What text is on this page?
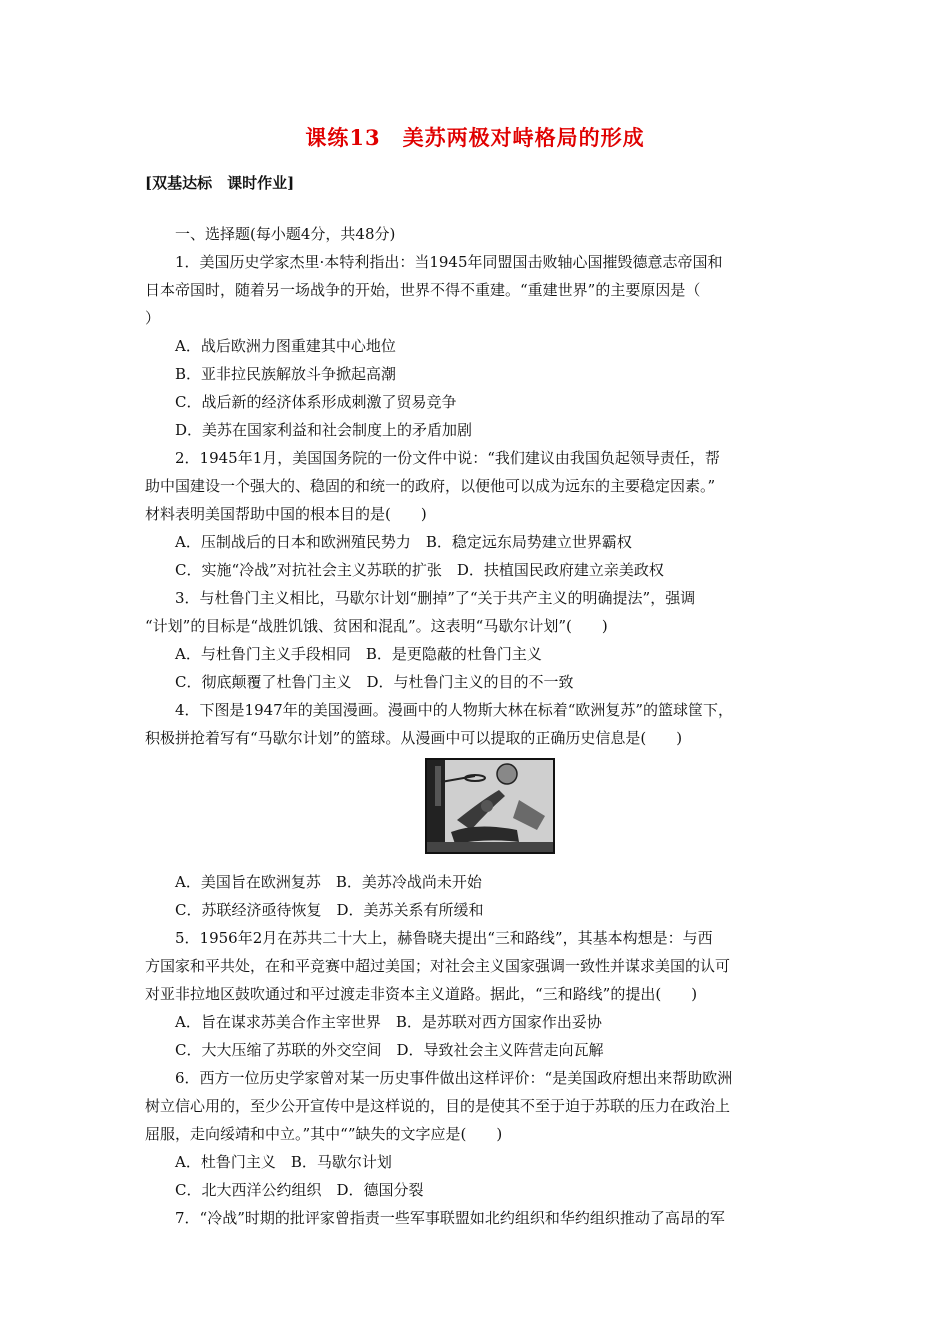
课练13　美苏两极对峙格局的形成
[双基达标　课时作业]
一、选择题(每小题4分，共48分)
1．美国历史学家杰里·本特利指出：当1945年同盟国击败轴心国摧毁德意志帝国和
日本帝国时，随着另一场战争的开始，世界不得不重建。“重建世界”的主要原因是（
）
A．战后欧洲力图重建其中心地位
B．亚非拉民族解放斗争掀起高潮
C．战后新的经济体系形成刺激了贸易竞争
D．美苏在国家利益和社会制度上的矛盾加剧
2．1945年1月，美国国务院的一份文件中说：“我们建议由我国负起领导责任，帮
助中国建设一个强大的、稳固的和统一的政府，以便他可以成为远东的主要稳定因素。”
材料表明美国帮助中国的根本目的是(　　)
A．压制战后的日本和欧洲殖民势力　B．稳定远东局势建立世界霸权
C．实施“冷战”对抗社会主义苏联的扩张　D．扶植国民政府建立亲美政权
3．与杜鲁门主义相比，马歇尔计划“删掉”了“关于共产主义的明确提法”，强调
“计划”的目标是“战胜饥饿、贫困和混乱”。这表明“马歇尔计划”(　　)
A．与杜鲁门主义手段相同　B．是更隐蔽的杜鲁门主义
C．彻底颠覆了杜鲁门主义　D．与杜鲁门主义的目的不一致
4．下图是1947年的美国漫画。漫画中的人物斯大林在标着“欧洲复苏”的篮球筐下，
积极拼抢着写有“马歇尔计划”的篮球。从漫画中可以提取的正确历史信息是(　　)
A．美国旨在欧洲复苏　B．美苏冷战尚未开始
C．苏联经济亟待恢复　D．美苏关系有所缓和
5．1956年2月在苏共二十大上，赫鲁晓夫提出“三和路线”，其基本构想是：与西
方国家和平共处，在和平竞赛中超过美国；对社会主义国家强调一致性并谋求美国的认可
对亚非拉地区鼓吹通过和平过渡走非资本主义道路。据此，“三和路线”的提出(　　)
A．旨在谋求苏美合作主宰世界　B．是苏联对西方国家作出妥协
C．大大压缩了苏联的外交空间　D．导致社会主义阵营走向瓦解
6．西方一位历史学家曾对某一历史事件做出这样评价：“是美国政府想出来帮助欧洲
树立信心用的，至少公开宣传中是这样说的，目的是使其不至于迫于苏联的压力在政治上
屈服，走向绥靖和中立。”其中“”缺失的文字应是(　　)
A．杜鲁门主义　B．马歇尔计划
C．北大西洋公约组织　D．德国分裂
7．“冷战”时期的批评家曾指责一些军事联盟如北约组织和华约组织推动了高昂的军
